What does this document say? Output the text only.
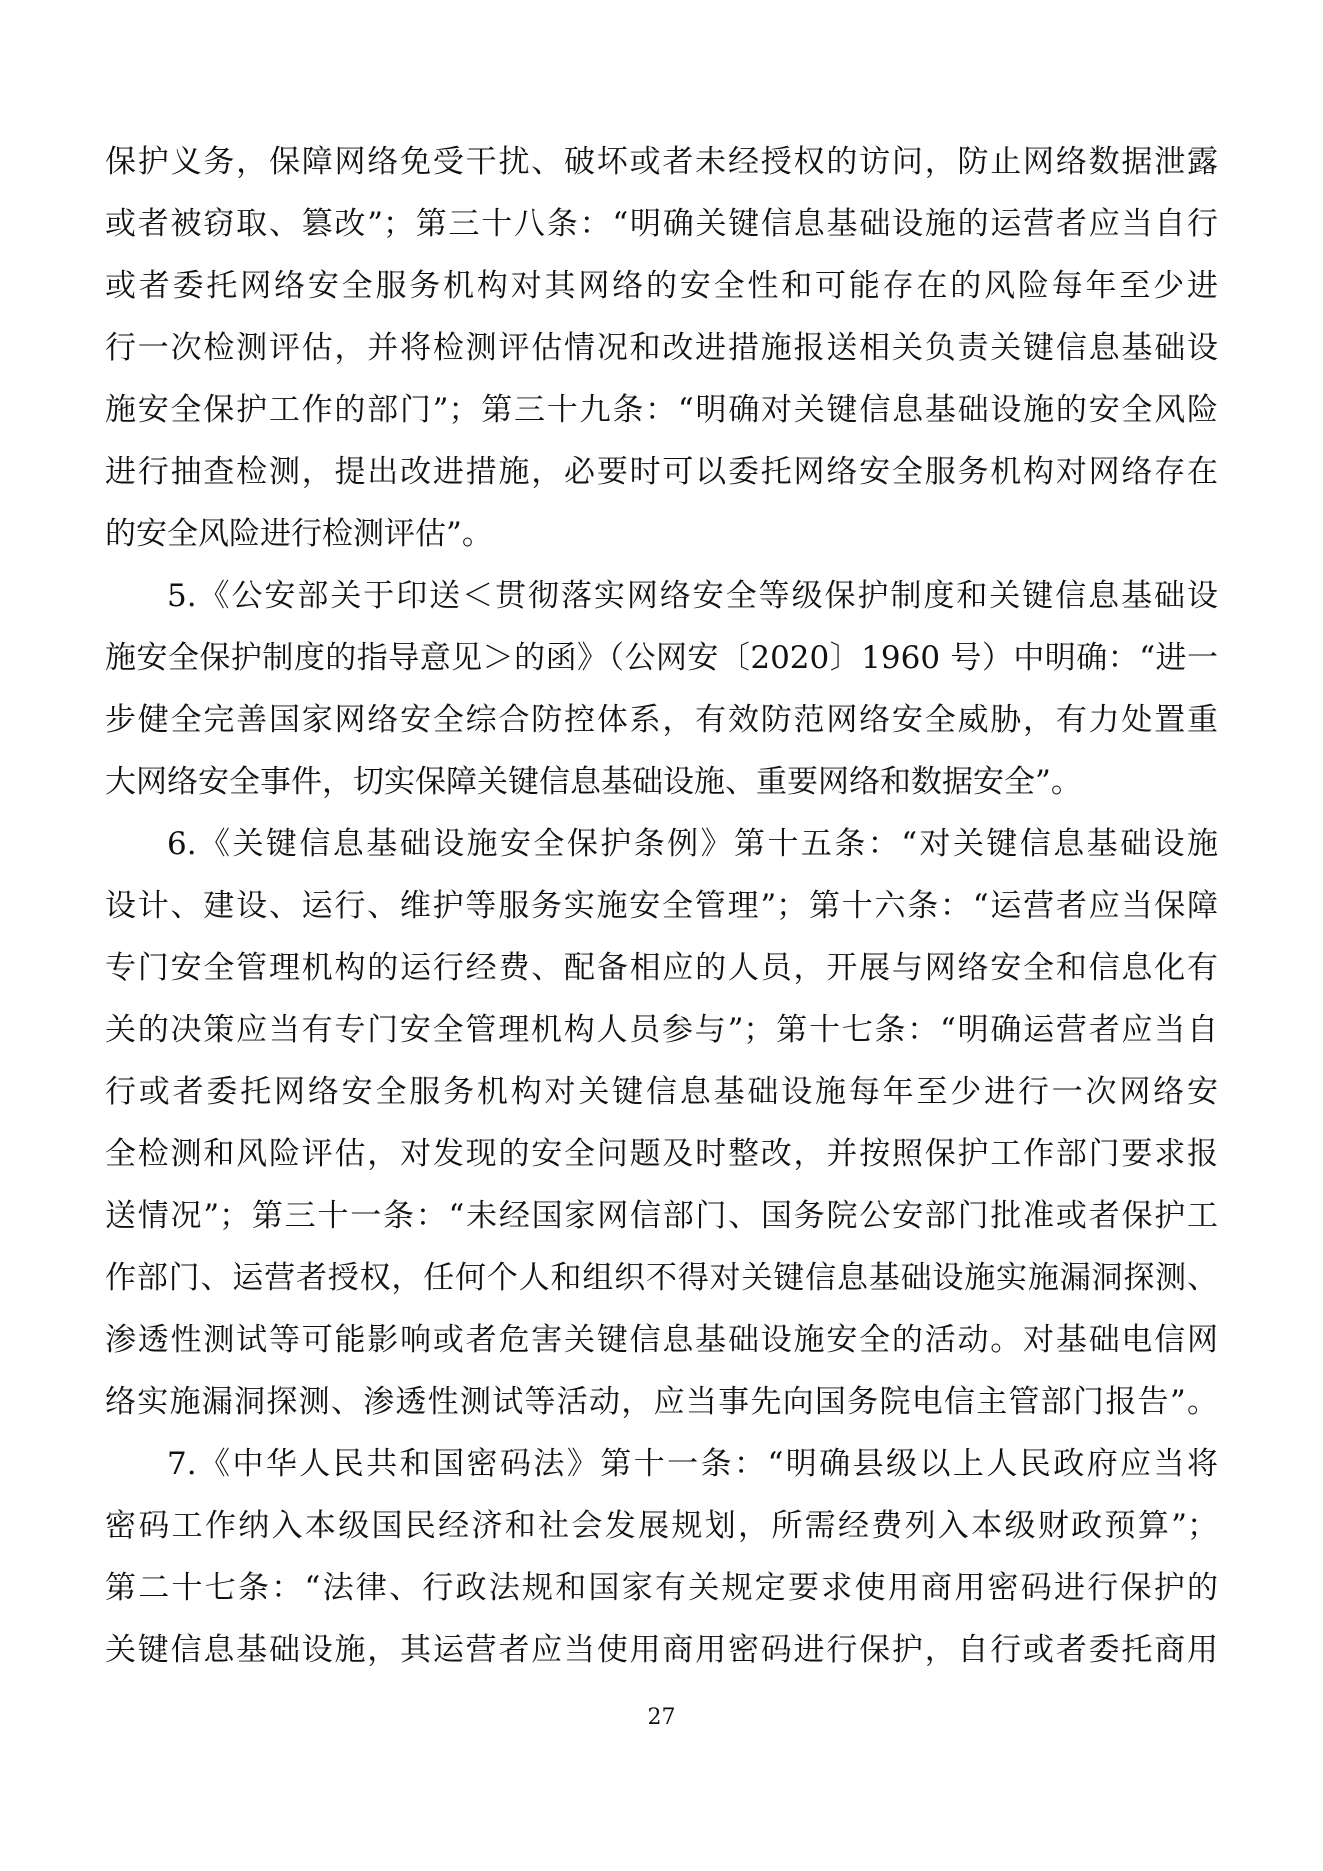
保护义务，保障网络免受干扰、破坏或者未经授权的访问，防止网络数据泄露
或者被窃取、篡改”；第三十八条：“明确关键信息基础设施的运营者应当自行
或者委托网络安全服务机构对其网络的安全性和可能存在的风险每年至少进
行一次检测评估，并将检测评估情况和改进措施报送相关负责关键信息基础设
施安全保护工作的部门”；第三十九条：“明确对关键信息基础设施的安全风险
进行抽查检测，提出改进措施，必要时可以委托网络安全服务机构对网络存在
的安全风险进行检测评估”。
5.《公安部关于印送＜贯彻落实网络安全等级保护制度和关键信息基础设
施安全保护制度的指导意见＞的函》（公网安〔2020〕1960 号）中明确：“进一
步健全完善国家网络安全综合防控体系，有效防范网络安全威胁，有力处置重
大网络安全事件，切实保障关键信息基础设施、重要网络和数据安全”。
6.《关键信息基础设施安全保护条例》第十五条：“对关键信息基础设施
设计、建设、运行、维护等服务实施安全管理”；第十六条：“运营者应当保障
专门安全管理机构的运行经费、配备相应的人员，开展与网络安全和信息化有
关的决策应当有专门安全管理机构人员参与”；第十七条：“明确运营者应当自
行或者委托网络安全服务机构对关键信息基础设施每年至少进行一次网络安
全检测和风险评估，对发现的安全问题及时整改，并按照保护工作部门要求报
送情况”；第三十一条：“未经国家网信部门、国务院公安部门批准或者保护工
作部门、运营者授权，任何个人和组织不得对关键信息基础设施实施漏洞探测、
渗透性测试等可能影响或者危害关键信息基础设施安全的活动。对基础电信网
络实施漏洞探测、渗透性测试等活动，应当事先向国务院电信主管部门报告”。
7.《中华人民共和国密码法》第十一条：“明确县级以上人民政府应当将
密码工作纳入本级国民经济和社会发展规划，所需经费列入本级财政预算”；
第二十七条：“法律、行政法规和国家有关规定要求使用商用密码进行保护的
关键信息基础设施，其运营者应当使用商用密码进行保护，自行或者委托商用
27
